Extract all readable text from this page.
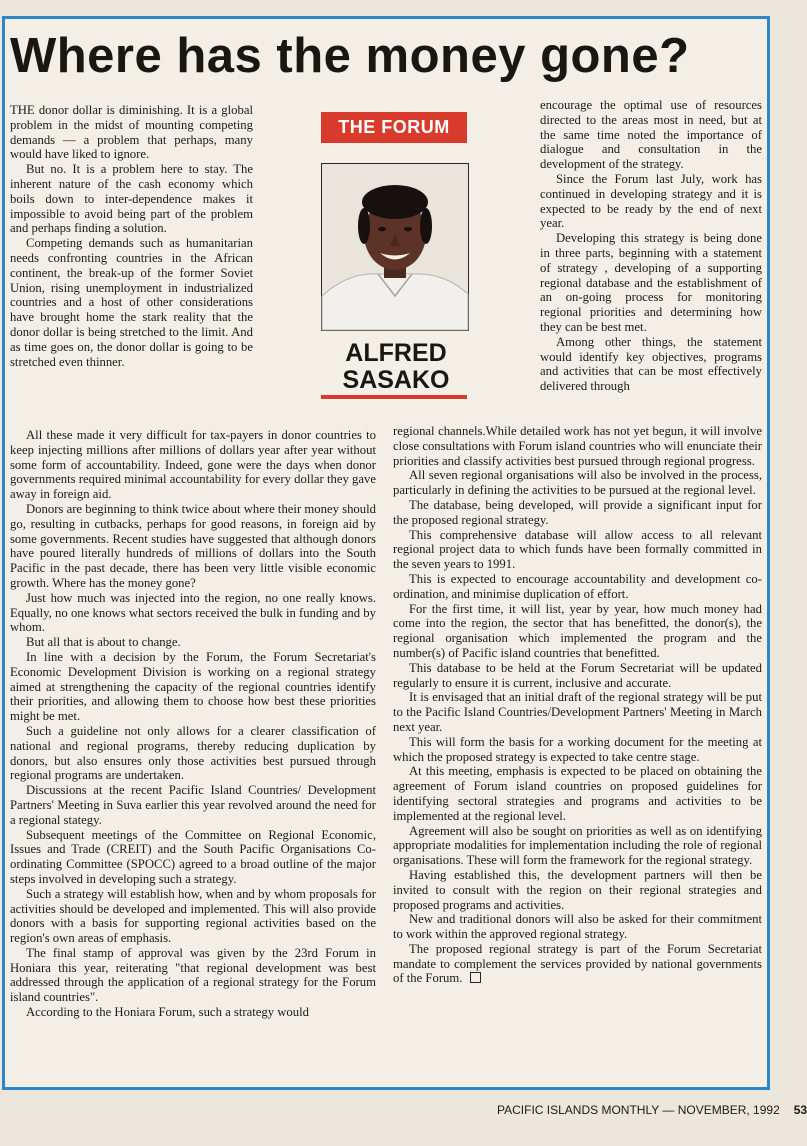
Where has the money gone?

THE donor dollar is diminishing. It is a global problem in the midst of mounting competing demands — a problem that perhaps, many would have liked to ignore.

But no. It is a problem here to stay. The inherent nature of the cash economy which boils down to inter-dependence makes it impossible to avoid being part of the problem and perhaps finding a solution.

Competing demands such as humanitarian needs confronting countries in the African continent, the break-up of the former Soviet Union, rising unemployment in industrialized countries and a host of other considerations have brought home the stark reality that the donor dollar is being stretched to the limit. And as time goes on, the donor dollar is going to be stretched even thinner.

THE FORUM
ALFRED
SASAKO

encourage the optimal use of resources directed to the areas most in need, but at the same time noted the importance of dialogue and consultation in the development of the strategy.

Since the Forum last July, work has continued in developing strategy and it is expected to be ready by the end of next year.

Developing this strategy is being done in three parts, beginning with a statement of strategy , developing of a supporting regional database and the establishment of an on-going process for monitoring regional priorities and determining how they can be best met.

Among other things, the statement would identify key objectives, programs and activities that can be most effectively delivered through

All these made it very difficult for tax-payers in donor countries to keep injecting millions after millions of dollars year after year without some form of accountability. Indeed, gone were the days when donor governments required minimal accountability for every dollar they gave away in foreign aid.

Donors are beginning to think twice about where their money should go, resulting in cutbacks, perhaps for good reasons, in foreign aid by some governments. Recent studies have suggested that although donors have poured literally hundreds of millions of dollars into the South Pacific in the past decade, there has been very little visible economic growth. Where has the money gone?

Just how much was injected into the region, no one really knows. Equally, no one knows what sectors received the bulk in funding and by whom.

But all that is about to change.

In line with a decision by the Forum, the Forum Secretariat's Economic Development Division is working on a regional strategy aimed at strengthening the capacity of the regional countries identify their priorities, and allowing them to choose how best these priorities might be met.

Such a guideline not only allows for a clearer classification of national and regional programs, thereby reducing duplication by donors, but also ensures only those activities best pursued through regional programs are undertaken.

Discussions at the recent Pacific Island Countries/ Development Partners' Meeting in Suva earlier this year revolved around the need for a regional stategy.

Subsequent meetings of the Committee on Regional Economic, Issues and Trade (CREIT) and the South Pacific Organisations Co-ordinating Committee (SPOCC) agreed to a broad outline of the major steps involved in developing such a strategy.

Such a strategy will establish how, when and by whom proposals for activities should be developed and implemented. This will also provide donors with a basis for supporting regional activities based on the region's own areas of emphasis.

The final stamp of approval was given by the 23rd Forum in Honiara this year, reiterating "that regional development was best addressed through the application of a regional strategy for the Forum island countries".

According to the Honiara Forum, such a strategy would

regional channels.While detailed work has not yet begun, it will involve close consultations with Forum island countries who will enunciate their priorities and classify activities best pursued through regional progress.

All seven regional organisations will also be involved in the process, particularly in defining the activities to be pursued at the regional level.

The database, being developed, will provide a significant input for the proposed regional strategy.

This comprehensive database will allow access to all relevant regional project data to which funds have been formally committed in the seven years to 1991.

This is expected to encourage accountability and development co-ordination, and minimise duplication of effort.

For the first time, it will list, year by year, how much money had come into the region, the sector that has benefitted, the donor(s), the regional organisation which implemented the program and the number(s) of Pacific island countries that benefitted.

This database to be held at the Forum Secretariat will be updated regularly to ensure it is current, inclusive and accurate.

It is envisaged that an initial draft of the regional strategy will be put to the Pacific Island Countries/Development Partners' Meeting in March next year.

This will form the basis for a working document for the meeting at which the proposed strategy is expected to take centre stage.

At this meeting, emphasis is expected to be placed on obtaining the agreement of Forum island countries on proposed guidelines for identifying sectoral strategies and programs and activities to be implemented at the regional level.

Agreement will also be sought on priorities as well as on identifying appropriate modalities for implementation including the role of regional organisations. These will form the framework for the regional strategy.

Having established this, the development partners will then be invited to consult with the region on their regional strategies and proposed programs and activities.

New and traditional donors will also be asked for their commitment to work within the approved regional strategy.

The proposed regional strategy is part of the Forum Secretariat mandate to complement the services provided by national governments of the Forum.

PACIFIC ISLANDS MONTHLY — NOVEMBER, 1992 53
